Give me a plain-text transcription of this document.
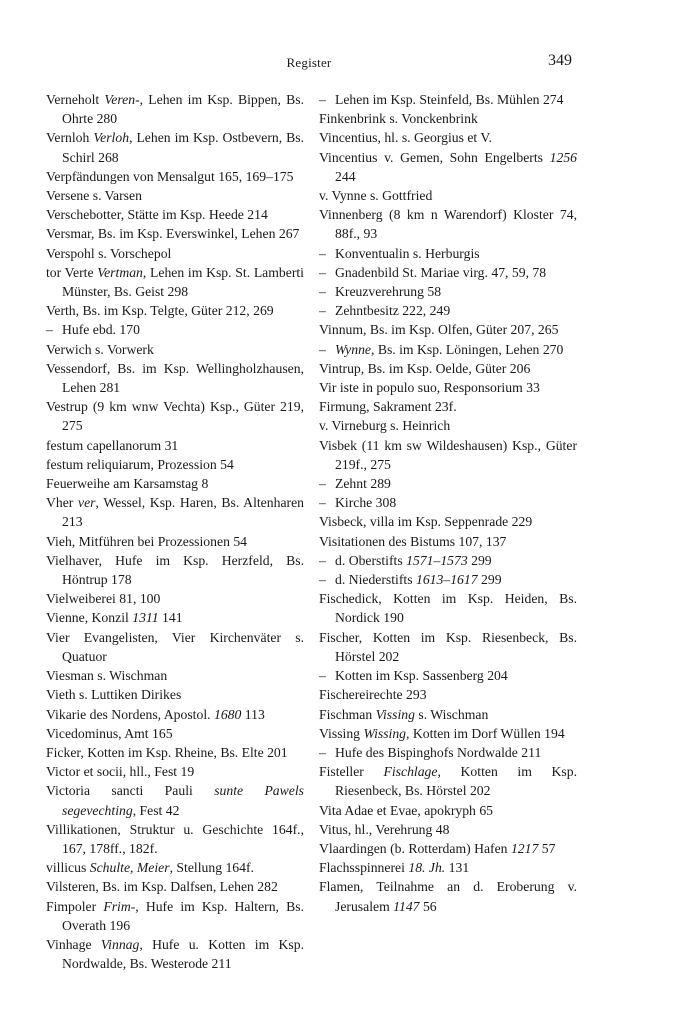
Register	349

Verneholt Veren-, Lehen im Ksp. Bippen, Bs. Ohrte 280

Vernloh Verloh, Lehen im Ksp. Ostbevern, Bs. Schirl 268

Verpfändungen von Mensalgut 165, 169–175

Versene s. Varsen

Verschebotter, Stätte im Ksp. Heede 214

Versmar, Bs. im Ksp. Everswinkel, Lehen 267

Verspohl s. Vorschepol

tor Verte Vertman, Lehen im Ksp. St. Lamberti Münster, Bs. Geist 298

Verth, Bs. im Ksp. Telgte, Güter 212, 269

– Hufe ebd. 170

Verwich s. Vorwerk

Vessendorf, Bs. im Ksp. Wellingholzhausen, Lehen 281

Vestrup (9 km wnw Vechta) Ksp., Güter 219, 275

festum capellanorum 31

festum reliquiarum, Prozession 54

Feuerweihe am Karsamstag 8

Vher ver, Wessel, Ksp. Haren, Bs. Altenharen 213

Vieh, Mitführen bei Prozessionen 54

Vielhaver, Hufe im Ksp. Herzfeld, Bs. Höntrup 178

Vielweiberei 81, 100

Vienne, Konzil 1311 141

Vier Evangelisten, Vier Kirchenväter s. Quatuor

Viesman s. Wischman

Vieth s. Luttiken Dirikes

Vikarie des Nordens, Apostol. 1680 113

Vicedominus, Amt 165

Ficker, Kotten im Ksp. Rheine, Bs. Elte 201

Victor et socii, hll., Fest 19

Victoria sancti Pauli sunte Pawels segevechting, Fest 42

Villikationen, Struktur u. Geschichte 164f., 167, 178ff., 182f.

villicus Schulte, Meier, Stellung 164f.

Vilsteren, Bs. im Ksp. Dalfsen, Lehen 282

Fimpoler Frim-, Hufe im Ksp. Haltern, Bs. Overath 196

Vinhage Vinnag, Hufe u. Kotten im Ksp. Nordwalde, Bs. Westerode 211

– Lehen im Ksp. Steinfeld, Bs. Mühlen 274

Finkenbrink s. Vonckenbrink

Vincentius, hl. s. Georgius et V.

Vincentius v. Gemen, Sohn Engelberts 1256 244

v. Vynne s. Gottfried

Vinnenberg (8 km n Warendorf) Kloster 74, 88f., 93

– Konventualin s. Herburgis

– Gnadenbild St. Mariae virg. 47, 59, 78

– Kreuzverehrung 58

– Zehntbesitz 222, 249

Vinnum, Bs. im Ksp. Olfen, Güter 207, 265

– Wynne, Bs. im Ksp. Löningen, Lehen 270

Vintrup, Bs. im Ksp. Oelde, Güter 206

Vir iste in populo suo, Responsorium 33

Firmung, Sakrament 23f.

v. Virneburg s. Heinrich

Visbek (11 km sw Wildeshausen) Ksp., Güter 219f., 275

– Zehnt 289

– Kirche 308

Visbeck, villa im Ksp. Seppenrade 229

Visitationen des Bistums 107, 137

– d. Oberstifts 1571–1573 299

– d. Niederstifts 1613–1617 299

Fischedick, Kotten im Ksp. Heiden, Bs. Nordick 190

Fischer, Kotten im Ksp. Riesenbeck, Bs. Hörstel 202

– Kotten im Ksp. Sassenberg 204

Fischereirechte 293

Fischman Vissing s. Wischman

Vissing Wissing, Kotten im Dorf Wüllen 194

– Hufe des Bispinghofs Nordwalde 211

Fisteller Fischlage, Kotten im Ksp. Riesenbeck, Bs. Hörstel 202

Vita Adae et Evae, apokryph 65

Vitus, hl., Verehrung 48

Vlaardingen (b. Rotterdam) Hafen 1217 57

Flachsspinnerei 18. Jh. 131

Flamen, Teilnahme an d. Eroberung v. Jerusalem 1147 56
